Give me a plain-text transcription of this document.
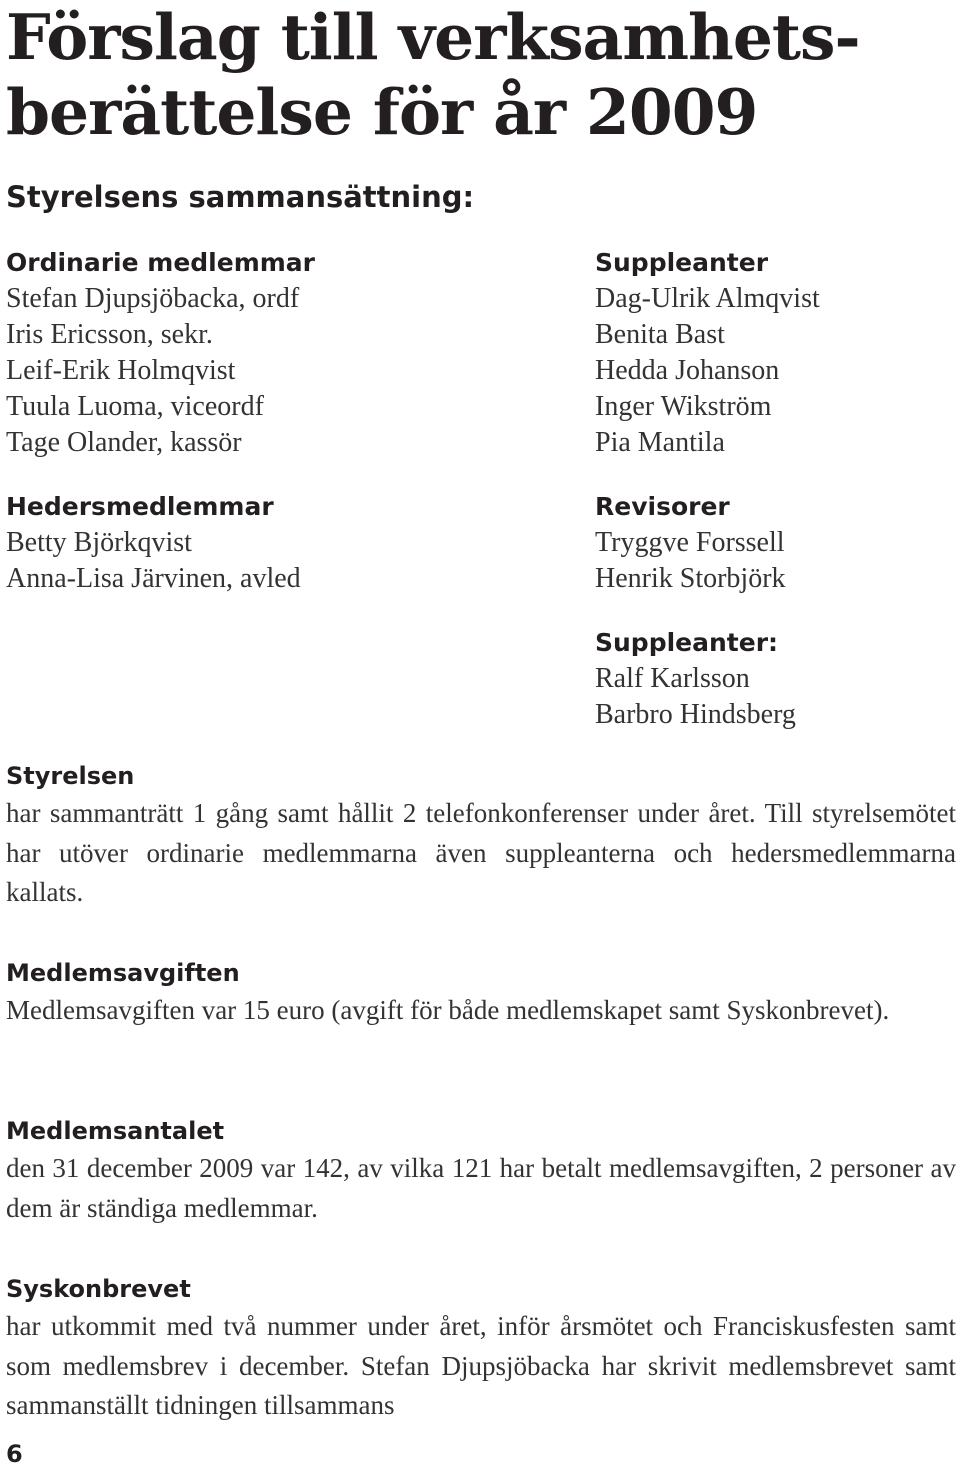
Förslag till verksamhets-
berättelse för år 2009
Styrelsens sammansättning:
Ordinarie medlemmar
Stefan Djupsjöbacka, ordf
Iris Ericsson, sekr.
Leif-Erik Holmqvist
Tuula Luoma, viceordf
Tage Olander, kassör
Hedersmedlemmar
Betty Björkqvist
Anna-Lisa Järvinen, avled
Suppleanter
Dag-Ulrik Almqvist
Benita Bast
Hedda Johanson
Inger Wikström
Pia Mantila
Revisorer
Tryggve Forssell
Henrik Storbjörk
Suppleanter:
Ralf Karlsson
Barbro Hindsberg
Styrelsen
har sammanträtt 1 gång samt hållit 2 telefonkonferenser under året. Till styrelsemötet har utöver ordinarie medlemmarna även suppleanterna och hedersmedlemmarna kallats.
Medlemsavgiften
Medlemsavgiften var 15 euro (avgift för både medlemskapet samt Syskonbrevet).
Medlemsantalet
den 31 december 2009 var 142, av vilka 121 har betalt medlemsavgiften, 2 personer av dem är ständiga medlemmar.
Syskonbrevet
har utkommit med två nummer under året, inför årsmötet och Franciskusfesten samt som medlemsbrev i december. Stefan Djupsjöbacka har skrivit medlemsbrevet samt sammanställt tidningen tillsammans
6
